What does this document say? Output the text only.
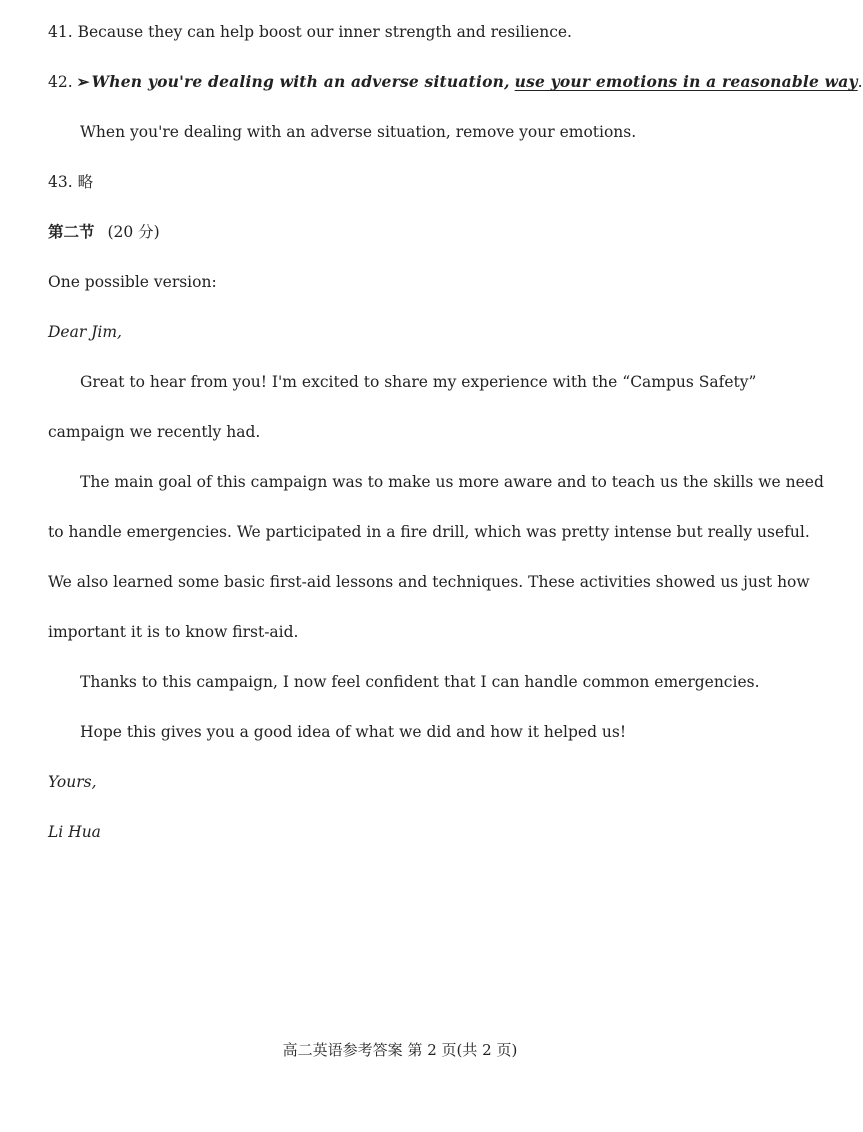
41. Because they can help boost our inner strength and resilience.
42. ➢ When you're dealing with an adverse situation, use your emotions in a reasonable way.
When you're dealing with an adverse situation, remove your emotions.
43. 略
第二节 (20 分)
One possible version:
Dear Jim,
Great to hear from you! I'm excited to share my experience with the “Campus Safety”
campaign we recently had.
The main goal of this campaign was to make us more aware and to teach us the skills we need
to handle emergencies. We participated in a fire drill, which was pretty intense but really useful.
We also learned some basic first-aid lessons and techniques. These activities showed us just how
important it is to know first-aid.
Thanks to this campaign, I now feel confident that I can handle common emergencies.
Hope this gives you a good idea of what we did and how it helped us!
Yours,
Li Hua
高二英语参考答案 第 2 页(共 2 页)
